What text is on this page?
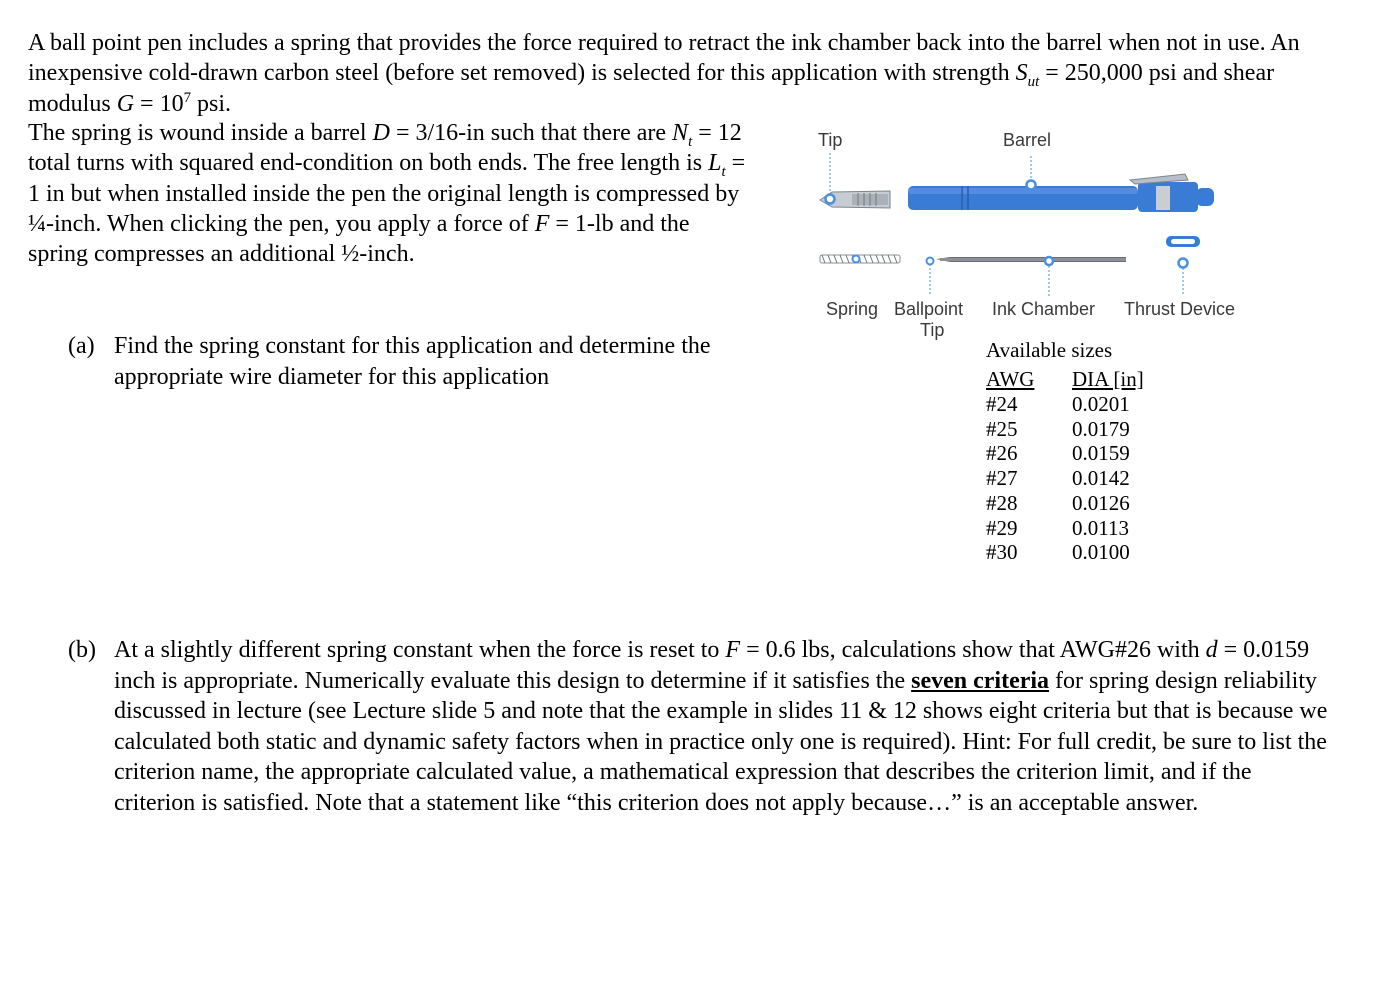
A ball point pen includes a spring that provides the force required to retract the ink chamber back into the barrel when not in use. An inexpensive cold-drawn carbon steel (before set removed) is selected for this application with strength $S_{ut} = 250,000$ psi and shear modulus $G = 10^7$ psi.
The spring is wound inside a barrel D = 3/16-in such that there are $N_t = 12$ total turns with squared end-condition on both ends. The free length is $L_t = 1$ in but when installed inside the pen the original length is compressed by ¼-inch. When clicking the pen, you apply a force of F = 1-lb and the spring compresses an additional ½-inch.
(a) Find the spring constant for this application and determine the appropriate wire diameter for this application
Tip	Barrel
Spring Ballpoint
Tip
Ink Chamber Thrust Device
Available sizes
AWG DIA [in]
#24	0.0201
#25	0.0179
#26	0.0159
#27	0.0142
#28	0.0126
#29	0.0113
#30	0.0100
(b) At a slightly different spring constant when the force is reset to F = 0.6 lbs, calculations show that AWG#26 with d = 0.0159 inch is appropriate. Numerically evaluate this design to determine if it satisfies the seven criteria for spring design reliability discussed in lecture (see Lecture slide 5 and note that the example in slides 11 & 12 shows eight criteria but that is because we calculated both static and dynamic safety factors when in practice only one is required). Hint: For full credit, be sure to list the criterion name, the appropriate calculated value, a mathematical expression that describes the criterion limit, and if the criterion is satisfied. Note that a statement like “this criterion does not apply because…” is an acceptable answer.
